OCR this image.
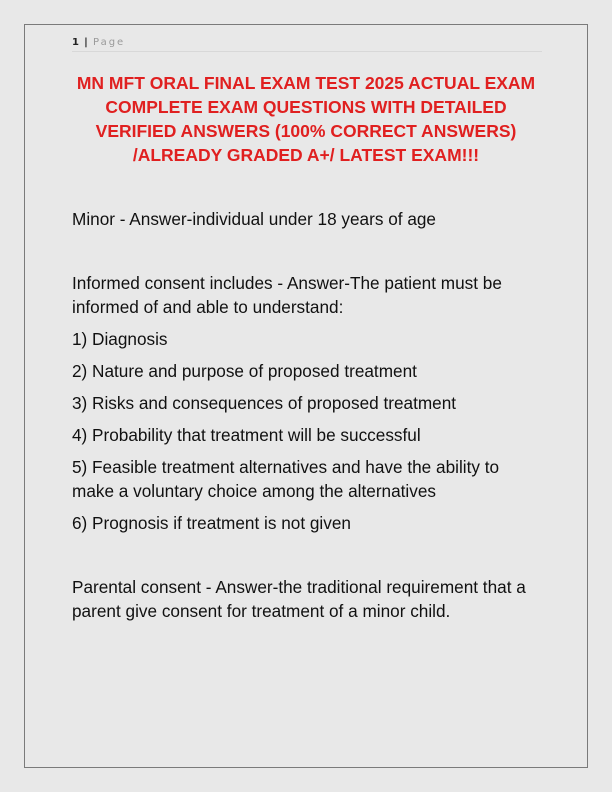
1 | Page
MN MFT ORAL FINAL EXAM TEST 2025 ACTUAL EXAM COMPLETE EXAM QUESTIONS WITH DETAILED VERIFIED ANSWERS (100% CORRECT ANSWERS) /ALREADY GRADED A+/ LATEST EXAM!!!

Minor - Answer-individual under 18 years of age

Informed consent includes - Answer-The patient must be informed of and able to understand:

1) Diagnosis

2) Nature and purpose of proposed treatment

3) Risks and consequences of proposed treatment

4) Probability that treatment will be successful

5) Feasible treatment alternatives and have the ability to make a voluntary choice among the alternatives

6) Prognosis if treatment is not given

Parental consent - Answer-the traditional requirement that a parent give consent for treatment of a minor child.
